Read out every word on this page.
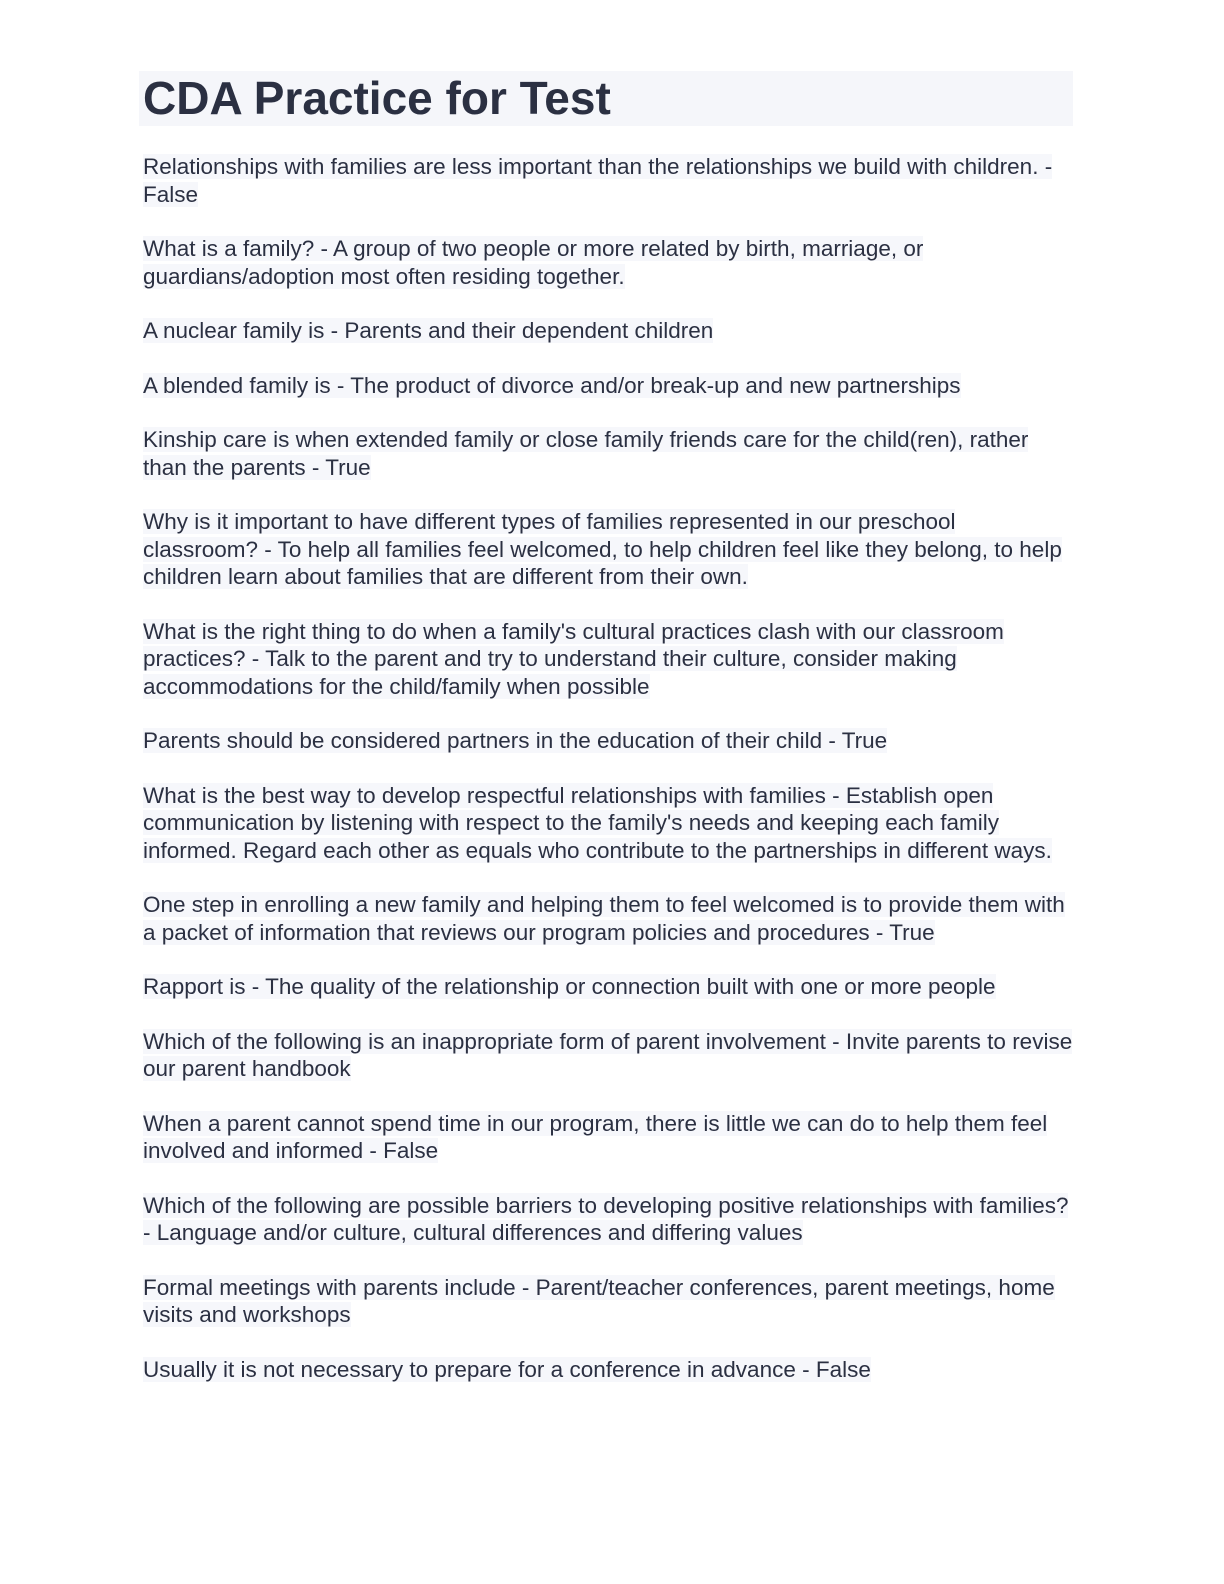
CDA Practice for Test

Relationships with families are less important than the relationships we build with children. - False

What is a family? - A group of two people or more related by birth, marriage, or guardians/adoption most often residing together.

A nuclear family is - Parents and their dependent children

A blended family is - The product of divorce and/or break-up and new partnerships

Kinship care is when extended family or close family friends care for the child(ren), rather than the parents - True

Why is it important to have different types of families represented in our preschool classroom? - To help all families feel welcomed, to help children feel like they belong, to help children learn about families that are different from their own.

What is the right thing to do when a family's cultural practices clash with our classroom practices? - Talk to the parent and try to understand their culture, consider making accommodations for the child/family when possible

Parents should be considered partners in the education of their child - True

What is the best way to develop respectful relationships with families - Establish open communication by listening with respect to the family's needs and keeping each family informed. Regard each other as equals who contribute to the partnerships in different ways.

One step in enrolling a new family and helping them to feel welcomed is to provide them with a packet of information that reviews our program policies and procedures - True

Rapport is - The quality of the relationship or connection built with one or more people

Which of the following is an inappropriate form of parent involvement - Invite parents to revise our parent handbook

When a parent cannot spend time in our program, there is little we can do to help them feel involved and informed - False

Which of the following are possible barriers to developing positive relationships with families? - Language and/or culture, cultural differences and differing values

Formal meetings with parents include - Parent/teacher conferences, parent meetings, home visits and workshops

Usually it is not necessary to prepare for a conference in advance - False
